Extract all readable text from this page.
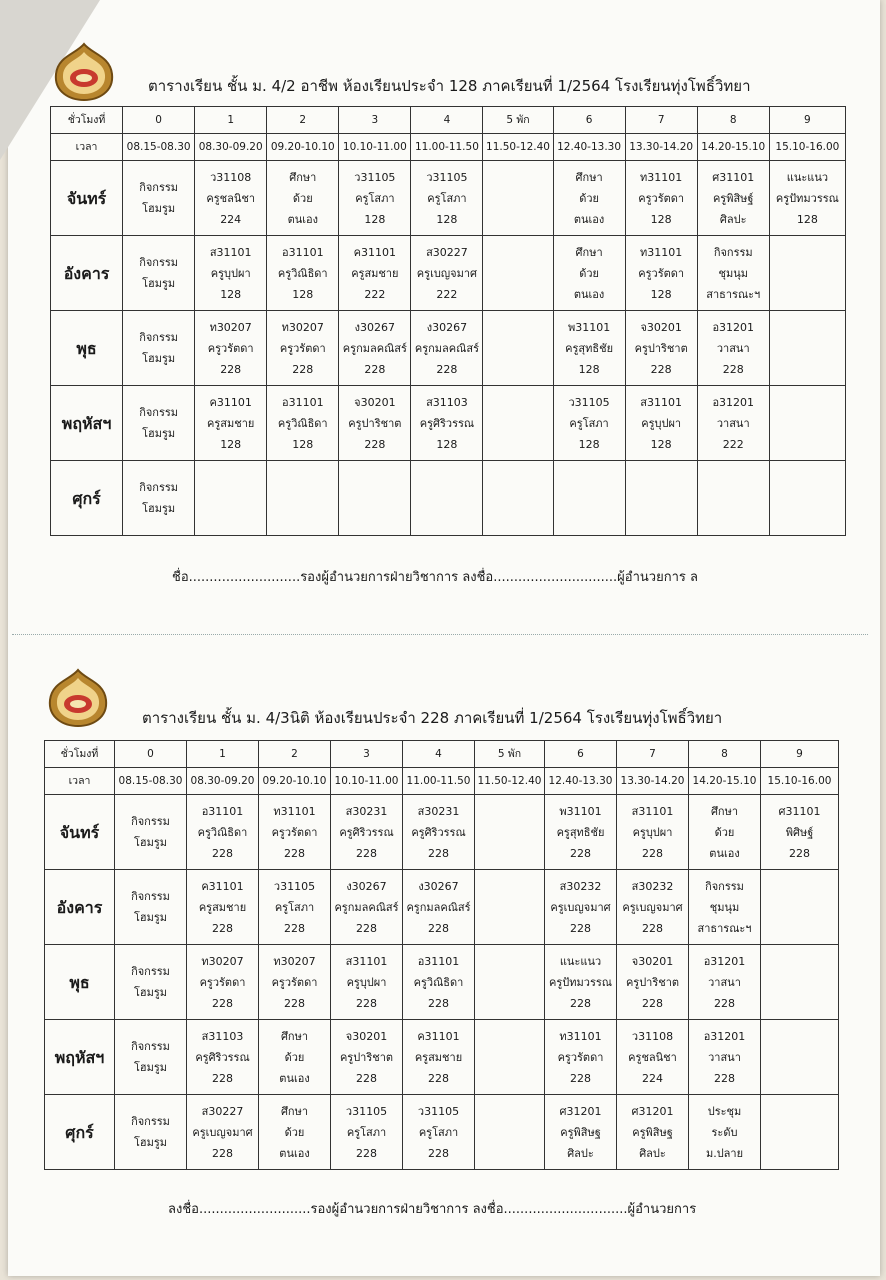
ตารางเรียน ชั้น ม. 4/2 อาชีพ ห้องเรียนประจำ 128 ภาคเรียนที่ 1/2564 โรงเรียนทุ่งโพธิ์วิทยา
ชั่วโมงที่	0	1	2	3	4	5 พัก	6	7	8	9
เวลา	08.15-08.30	08.30-09.20	09.20-10.10	10.10-11.00	11.00-11.50	11.50-12.40	12.40-13.30	13.30-14.20	14.20-15.10	15.10-16.00
จันทร์	กิจกรรม
โฮมรูม	ว31108
ครูชลนิชา
224	ศึกษา
ด้วย
ตนเอง	ว31105
ครูโสภา
128	ว31105
ครูโสภา
128		ศึกษา
ด้วย
ตนเอง	ท31101
ครูวรัตดา
128	ศ31101
ครูพิสิษฐ์
ศิลปะ	แนะแนว
ครูปัทมวรรณ
128

อังคาร	กิจกรรม
โฮมรูม	ส31101
ครูบุปผา
128	อ31101
ครูวิณิธิดา
128	ค31101
ครูสมชาย
222	ส30227
ครูเบญจมาศ
222		ศึกษา
ด้วย
ตนเอง	ท31101
ครูวรัตดา
128	กิจกรรม
ชุมนุม
สาธารณะฯ	

พุธ	กิจกรรม
โฮมรูม	ท30207
ครูวรัตดา
228	ท30207
ครูวรัตดา
228	ง30267
ครูกมลคณิสร์
228	ง30267
ครูกมลคณิสร์
228		พ31101
ครูสุทธิชัย
128	จ30201
ครูปาริชาต
228	อ31201
วาสนา
228	

พฤหัสฯ	กิจกรรม
โฮมรูม	ค31101
ครูสมชาย
128	อ31101
ครูวิณิธิดา
128	จ30201
ครูปาริชาต
228	ส31103
ครูศิริวรรณ
128		ว31105
ครูโสภา
128	ส31101
ครูบุปผา
128	อ31201
วาสนา
222	

ศุกร์	กิจกรรม
โฮมรูม									

ชื่อ...........................รองผู้อำนวยการฝ่ายวิชาการ ลงชื่อ..............................ผู้อำนวยการ ล
ตารางเรียน ชั้น ม. 4/3นิติ ห้องเรียนประจำ 228 ภาคเรียนที่ 1/2564 โรงเรียนทุ่งโพธิ์วิทยา
ชั่วโมงที่	0	1	2	3	4	5 พัก	6	7	8	9
เวลา	08.15-08.30	08.30-09.20	09.20-10.10	10.10-11.00	11.00-11.50	11.50-12.40	12.40-13.30	13.30-14.20	14.20-15.10	15.10-16.00
จันทร์	กิจกรรม
โฮมรูม	อ31101
ครูวิณิธิดา
228	ท31101
ครูวรัตดา
228	ส30231
ครูศิริวรรณ
228	ส30231
ครูศิริวรรณ
228		พ31101
ครูสุทธิชัย
228	ส31101
ครูบุปผา
228	ศึกษา
ด้วย
ตนเอง	ศ31101
พิศิษฐ์
228

อังคาร	กิจกรรม
โฮมรูม	ค31101
ครูสมชาย
228	ว31105
ครูโสภา
228	ง30267
ครูกมลคณิสร์
228	ง30267
ครูกมลคณิสร์
228		ส30232
ครูเบญจมาศ
228	ส30232
ครูเบญจมาศ
228	กิจกรรม
ชุมนุม
สาธารณะฯ	

พุธ	กิจกรรม
โฮมรูม	ท30207
ครูวรัตดา
228	ท30207
ครูวรัตดา
228	ส31101
ครูบุปผา
228	อ31101
ครูวิณิธิดา
228		แนะแนว
ครูปัทมวรรณ
228	จ30201
ครูปาริชาต
228	อ31201
วาสนา
228	

พฤหัสฯ	กิจกรรม
โฮมรูม	ส31103
ครูศิริวรรณ
228	ศึกษา
ด้วย
ตนเอง	จ30201
ครูปาริชาต
228	ค31101
ครูสมชาย
228		ท31101
ครูวรัตดา
228	ว31108
ครูชลนิชา
224	อ31201
วาสนา
228	

ศุกร์	กิจกรรม
โฮมรูม	ส30227
ครูเบญจมาศ
228	ศึกษา
ด้วย
ตนเอง	ว31105
ครูโสภา
228	ว31105
ครูโสภา
228		ศ31201
ครูพิสิษฐ
ศิลปะ	ศ31201
ครูพิสิษฐ
ศิลปะ	ประชุม
ระดับ
ม.ปลาย	

ลงชื่อ...........................รองผู้อำนวยการฝ่ายวิชาการ ลงชื่อ..............................ผู้อำนวยการ
